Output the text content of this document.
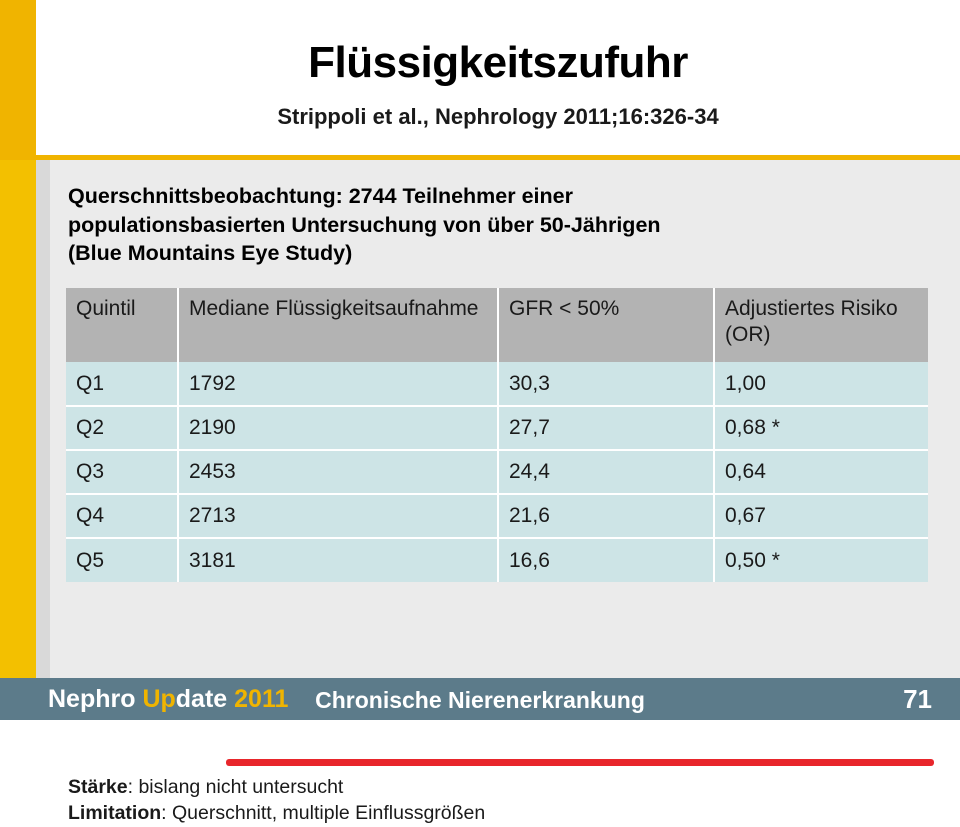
Flüssigkeitszufuhr
Strippoli et al., Nephrology 2011;16:326-34
Querschnittsbeobachtung: 2744 Teilnehmer einer
populationsbasierten Untersuchung von über 50-Jährigen
(Blue Mountains Eye Study)
Quintil	Mediane Flüssigkeitsaufnahme	GFR < 50%	Adjustiertes Risiko (OR)
Q1	1792	30,3	1,00
Q2	2190	27,7	0,68 *
Q3	2453	24,4	0,64
Q4	2713	21,6	0,67
Q5	3181	16,6	0,50 *
Stärke: bislang nicht untersucht
Limitation: Querschnitt, multiple Einflussgrößen
Nephro Update 2011	Chronische Nierenerkrankung	71
